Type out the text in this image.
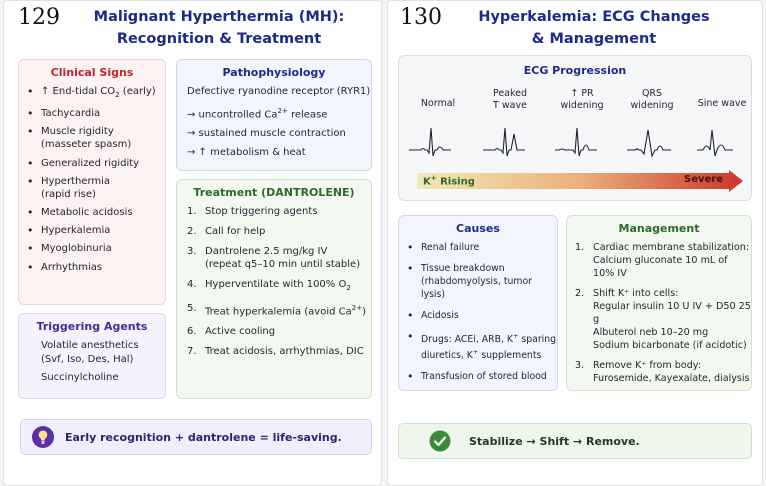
129	Malignant Hyperthermia (MH):
Recognition & Treatment
Clinical Signs
• ↑ End-tidal $CO_2$ (early)
• Tachycardia
• Muscle rigidity
(masseter spasm)
• Generalized rigidity
• Hyperthermia
(rapid rise)
• Metabolic acidosis
• Hyperkalemia
• Myoglobinuria
• Arrhythmias
Pathophysiology
Defective ryanodine receptor (RYR1)
→ uncontrolled $Ca^{2+}$ release
→ sustained muscle contraction
→ ↑ metabolism & heat
Treatment (DANTROLENE)
1. Stop triggering agents
2. Call for help
3. Dantrolene 2.5 mg/kg IV
(repeat q5–10 min until stable)
4. Hyperventilate with 100% $O_2$
5. Treat hyperkalemia (avoid $Ca^{2+}$)
6. Active cooling
7. Treat acidosis, arrhythmias, DIC
Triggering Agents
Volatile anesthetics
(Svf, Iso, Des, Hal)
Succinylcholine
Early recognition + dantrolene = life-saving.
130	Hyperkalemia: ECG Changes
& Management
ECG Progression
Normal
Peaked
T wave
↑ PR
widening
QRS
widening	Sine wave
K+ Rising	Severe
Causes
• Renal failure
• Tissue breakdown
(rhabdomyolysis, tumor lysis)
• Acidosis
• Drugs: ACEi, ARB, K+ sparing
diuretics, K+ supplements
• Transfusion of stored blood
Management
1. Cardiac membrane stabilization:
Calcium gluconate 10 mL of 10% IV
2. Shift K⁺ into cells:
Regular insulin 10 U IV + D50 25 g
Albuterol neb 10–20 mg
Sodium bicarbonate (if acidotic)
3. Remove K⁺ from body:
Furosemide, Kayexalate, dialysis
Stabilize → Shift → Remove.
